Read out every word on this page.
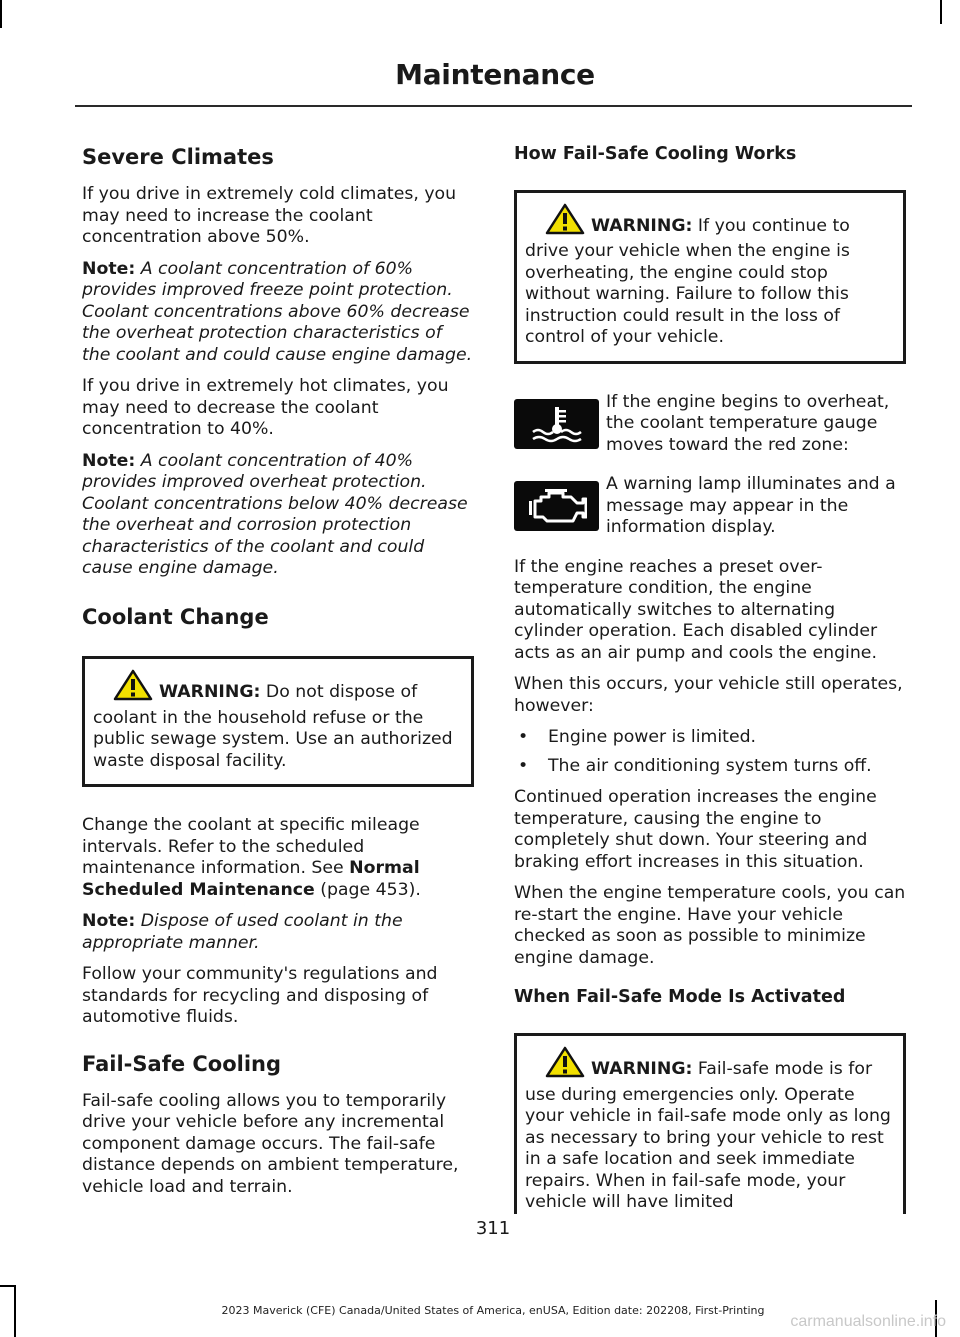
Maintenance
Severe Climates

If you drive in extremely cold climates, you may need to increase the coolant concentration above 50%.

Note: A coolant concentration of 60% provides improved freeze point protection. Coolant concentrations above 60% decrease the overheat protection characteristics of the coolant and could cause engine damage.

If you drive in extremely hot climates, you may need to decrease the coolant concentration to 40%.

Note: A coolant concentration of 40% provides improved overheat protection. Coolant concentrations below 40% decrease the overheat and corrosion protection characteristics of the coolant and could cause engine damage.

Coolant Change
WARNING: Do not dispose of coolant in the household refuse or the public sewage system. Use an authorized waste disposal facility.

Change the coolant at specific mileage intervals. Refer to the scheduled maintenance information. See Normal Scheduled Maintenance (page 453).

Note: Dispose of used coolant in the appropriate manner.

Follow your community's regulations and standards for recycling and disposing of automotive fluids.

Fail-Safe Cooling

Fail-safe cooling allows you to temporarily drive your vehicle before any incremental component damage occurs. The fail-safe distance depends on ambient temperature, vehicle load and terrain.

How Fail-Safe Cooling Works
WARNING: If you continue to drive your vehicle when the engine is overheating, the engine could stop without warning. Failure to follow this instruction could result in the loss of control of your vehicle.

If the engine begins to overheat, the coolant temperature gauge moves toward the red zone:

A warning lamp illuminates and a message may appear in the information display.

If the engine reaches a preset over-temperature condition, the engine automatically switches to alternating cylinder operation. Each disabled cylinder acts as an air pump and cools the engine.

When this occurs, your vehicle still operates, however:

• Engine power is limited.
• The air conditioning system turns off.

Continued operation increases the engine temperature, causing the engine to completely shut down. Your steering and braking effort increases in this situation.

When the engine temperature cools, you can re-start the engine. Have your vehicle checked as soon as possible to minimize engine damage.

When Fail-Safe Mode Is Activated
WARNING: Fail-safe mode is for use during emergencies only. Operate your vehicle in fail-safe mode only as long as necessary to bring your vehicle to rest in a safe location and seek immediate repairs. When in fail-safe mode, your vehicle will have limited
311
2023 Maverick (CFE) Canada/United States of America, enUSA, Edition date: 202208, First-Printing
carmanualsonline.info
